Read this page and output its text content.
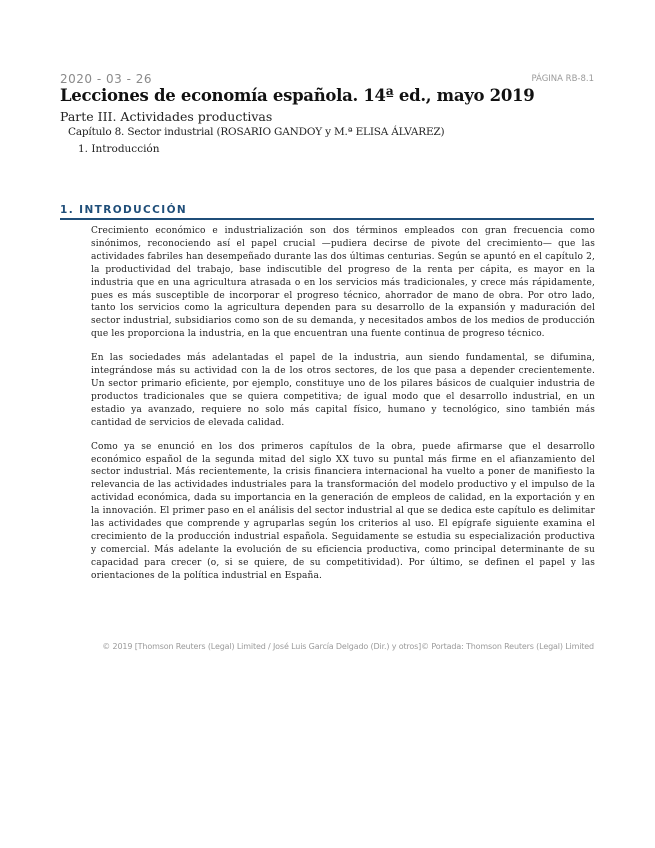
2020 - 03 - 26	PÁGINA RB-8.1
Lecciones de economía española. 14ª ed., mayo 2019
Parte III. Actividades productivas
Capítulo 8. Sector industrial (ROSARIO GANDOY y M.ª ELISA ÁLVAREZ)
1. Introducción
1. INTRODUCCIÓN

Crecimiento económico e industrialización son dos términos empleados con gran frecuencia como sinónimos, reconociendo así el papel crucial —pudiera decirse de pivote del crecimiento— que las actividades fabriles han desempeñado durante las dos últimas centurias. Según se apuntó en el capítulo 2, la productividad del trabajo, base indiscutible del progreso de la renta per cápita, es mayor en la industria que en una agricultura atrasada o en los servicios más tradicionales, y crece más rápidamente, pues es más susceptible de incorporar el progreso técnico, ahorrador de mano de obra. Por otro lado, tanto los servicios como la agricultura dependen para su desarrollo de la expansión y maduración del sector industrial, subsidiarios como son de su demanda, y necesitados ambos de los medios de producción que les proporciona la industria, en la que encuentran una fuente continua de progreso técnico.

En las sociedades más adelantadas el papel de la industria, aun siendo fundamental, se difumina, integrándose más su actividad con la de los otros sectores, de los que pasa a depender crecientemente. Un sector primario eficiente, por ejemplo, constituye uno de los pilares básicos de cualquier industria de productos tradicionales que se quiera competitiva; de igual modo que el desarrollo industrial, en un estadio ya avanzado, requiere no solo más capital físico, humano y tecnológico, sino también más cantidad de servicios de elevada calidad.

Como ya se enunció en los dos primeros capítulos de la obra, puede afirmarse que el desarrollo económico español de la segunda mitad del siglo XX tuvo su puntal más firme en el afianzamiento del sector industrial. Más recientemente, la crisis financiera internacional ha vuelto a poner de manifiesto la relevancia de las actividades industriales para la transformación del modelo productivo y el impulso de la actividad económica, dada su importancia en la generación de empleos de calidad, en la exportación y en la innovación. El primer paso en el análisis del sector industrial al que se dedica este capítulo es delimitar las actividades que comprende y agruparlas según los criterios al uso. El epígrafe siguiente examina el crecimiento de la producción industrial española. Seguidamente se estudia su especialización productiva y comercial. Más adelante la evolución de su eficiencia productiva, como principal determinante de su capacidad para crecer (o, si se quiere, de su competitividad). Por último, se definen el papel y las orientaciones de la política industrial en España.

© 2019 [Thomson Reuters (Legal) Limited / José Luis García Delgado (Dir.) y otros]© Portada: Thomson Reuters (Legal) Limited
